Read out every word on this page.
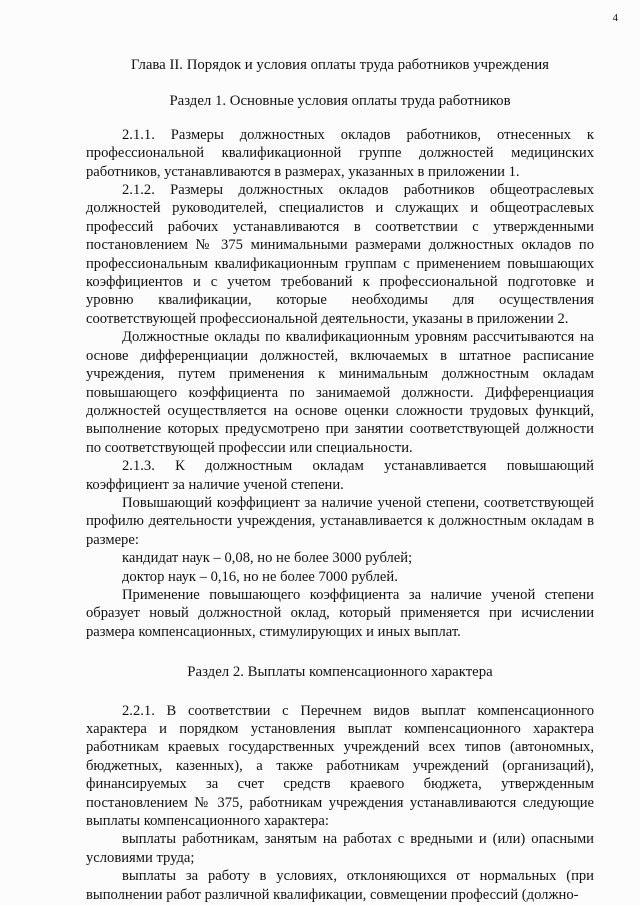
4
Глава II. Порядок и условия оплаты труда работников учреждения
Раздел 1. Основные условия оплаты труда работников

2.1.1. Размеры должностных окладов работников, отнесенных к профессиональной квалификационной группе должностей медицинских работников, устанавливаются в размерах, указанных в приложении 1.

2.1.2. Размеры должностных окладов работников общеотраслевых должностей руководителей, специалистов и служащих и общеотраслевых профессий рабочих устанавливаются в соответствии с утвержденными постановлением № 375 минимальными размерами должностных окладов по профессиональным квалификационным группам с применением повышающих коэффициентов и с учетом требований к профессиональной подготовке и уровню квалификации, которые необходимы для осуществления соответствующей профессиональной деятельности, указаны в приложении 2.

Должностные оклады по квалификационным уровням рассчитываются на основе дифференциации должностей, включаемых в штатное расписание учреждения, путем применения к минимальным должностным окладам повышающего коэффициента по занимаемой должности. Дифференциация должностей осуществляется на основе оценки сложности трудовых функций, выполнение которых предусмотрено при занятии соответствующей должности по соответствующей профессии или специальности.

2.1.3. К должностным окладам устанавливается повышающий коэффициент за наличие ученой степени.

Повышающий коэффициент за наличие ученой степени, соответствующей профилю деятельности учреждения, устанавливается к должностным окладам в размере:

кандидат наук – 0,08, но не более 3000 рублей;

доктор наук – 0,16, но не более 7000 рублей.

Применение повышающего коэффициента за наличие ученой степени образует новый должностной оклад, который применяется при исчислении размера компенсационных, стимулирующих и иных выплат.

Раздел 2. Выплаты компенсационного характера

2.2.1. В соответствии с Перечнем видов выплат компенсационного характера и порядком установления выплат компенсационного характера работникам краевых государственных учреждений всех типов (автономных, бюджетных, казенных), а также работникам учреждений (организаций), финансируемых за счет средств краевого бюджета, утвержденным постановлением № 375, работникам учреждения устанавливаются следующие выплаты компенсационного характера:

выплаты работникам, занятым на работах с вредными и (или) опасными условиями труда;

выплаты за работу в условиях, отклоняющихся от нормальных (при выполнении работ различной квалификации, совмещении профессий (должно-
